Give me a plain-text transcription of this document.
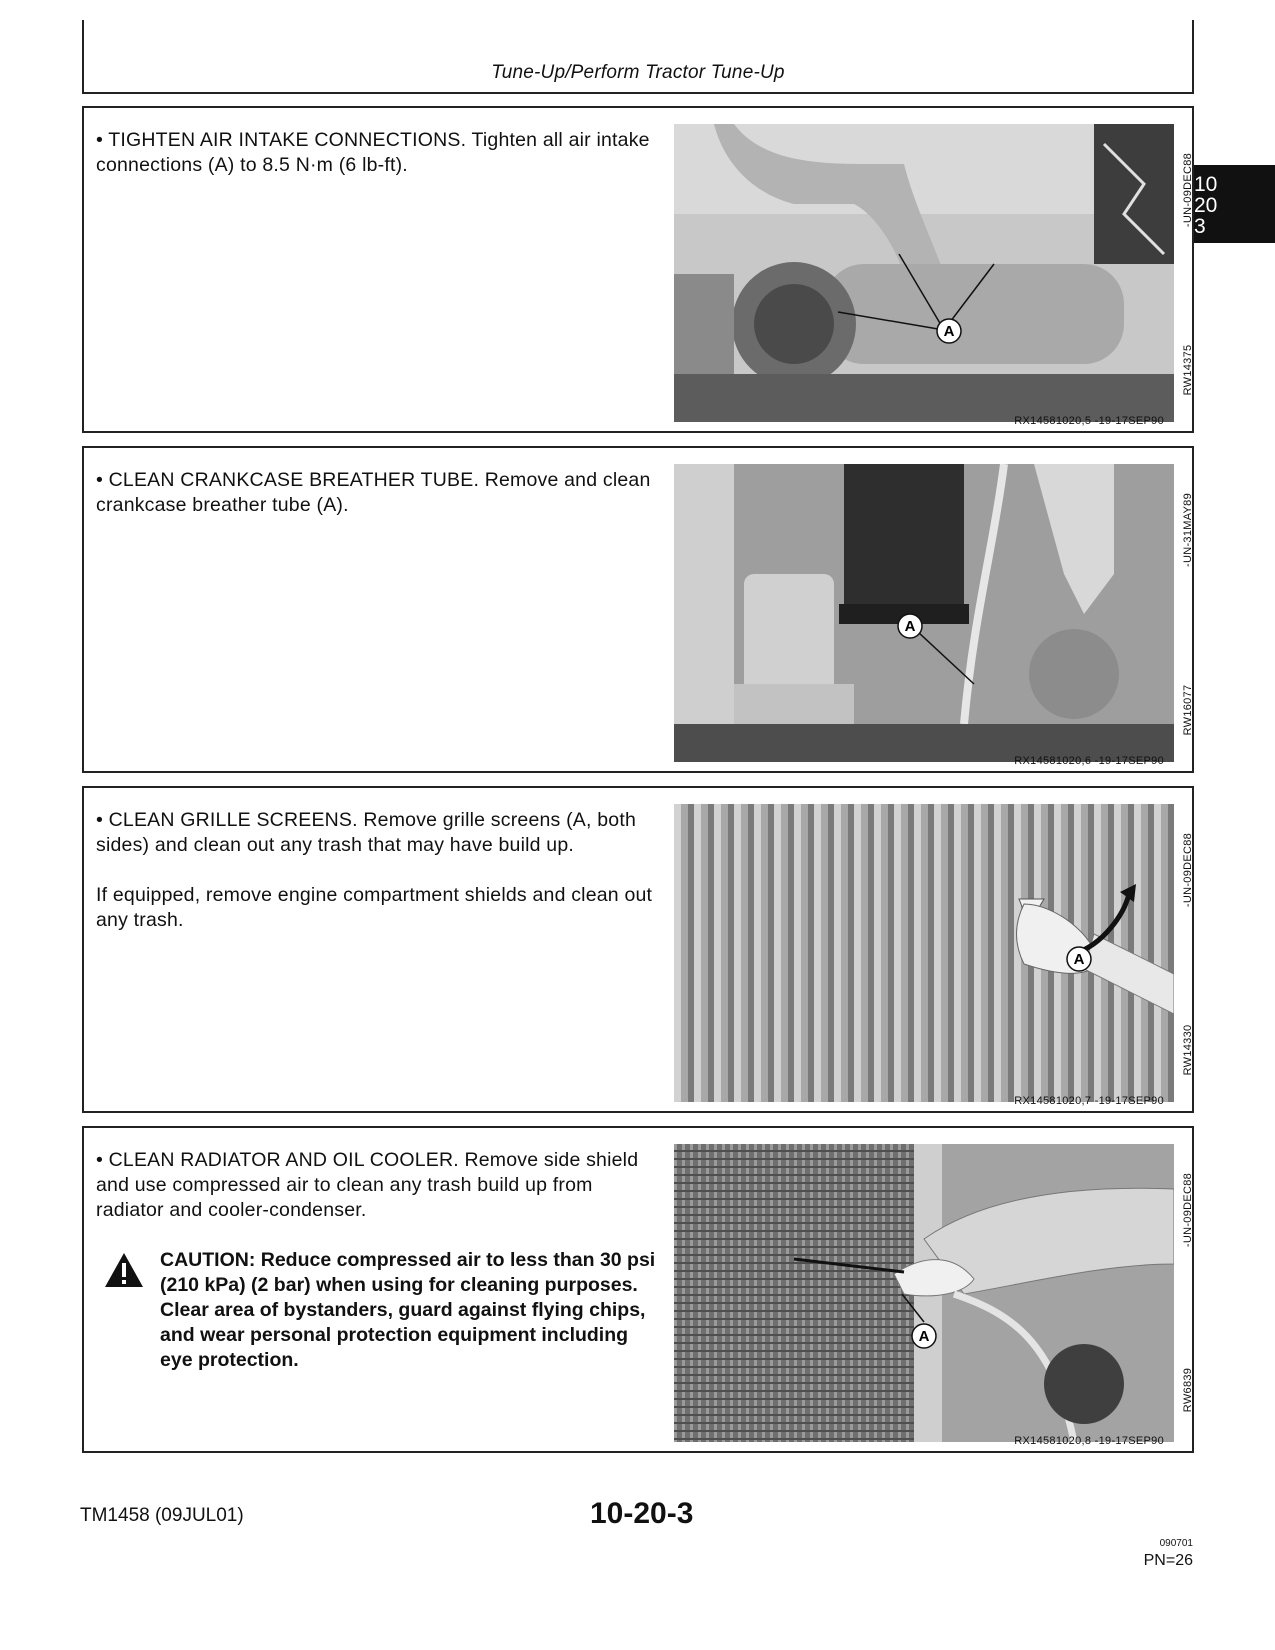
Tune-Up/Perform Tractor Tune-Up
10
20
3

• TIGHTEN AIR INTAKE CONNECTIONS. Tighten all air intake connections (A) to 8.5 N·m (6 lb-ft).

A
-UN-09DEC88
RW14375
RX14581020,5 -19-17SEP90

• CLEAN CRANKCASE BREATHER TUBE. Remove and clean crankcase breather tube (A).

A
-UN-31MAY89
RW16077
RX14581020,6 -19-17SEP90

• CLEAN GRILLE SCREENS. Remove grille screens (A, both sides) and clean out any trash that may have build up.

If equipped, remove engine compartment shields and clean out any trash.

A
-UN-09DEC88
RW14330
RX14581020,7 -19-17SEP90

• CLEAN RADIATOR AND OIL COOLER. Remove side shield and use compressed air to clean any trash build up from radiator and cooler-condenser.

CAUTION: Reduce compressed air to less than 30 psi (210 kPa) (2 bar) when using for cleaning purposes. Clear area of bystanders, guard against flying chips, and wear personal protection equipment including eye protection.
A
-UN-09DEC88
RW6839
RX14581020,8 -19-17SEP90
TM1458 (09JUL01)	10-20-3
090701
PN=26
